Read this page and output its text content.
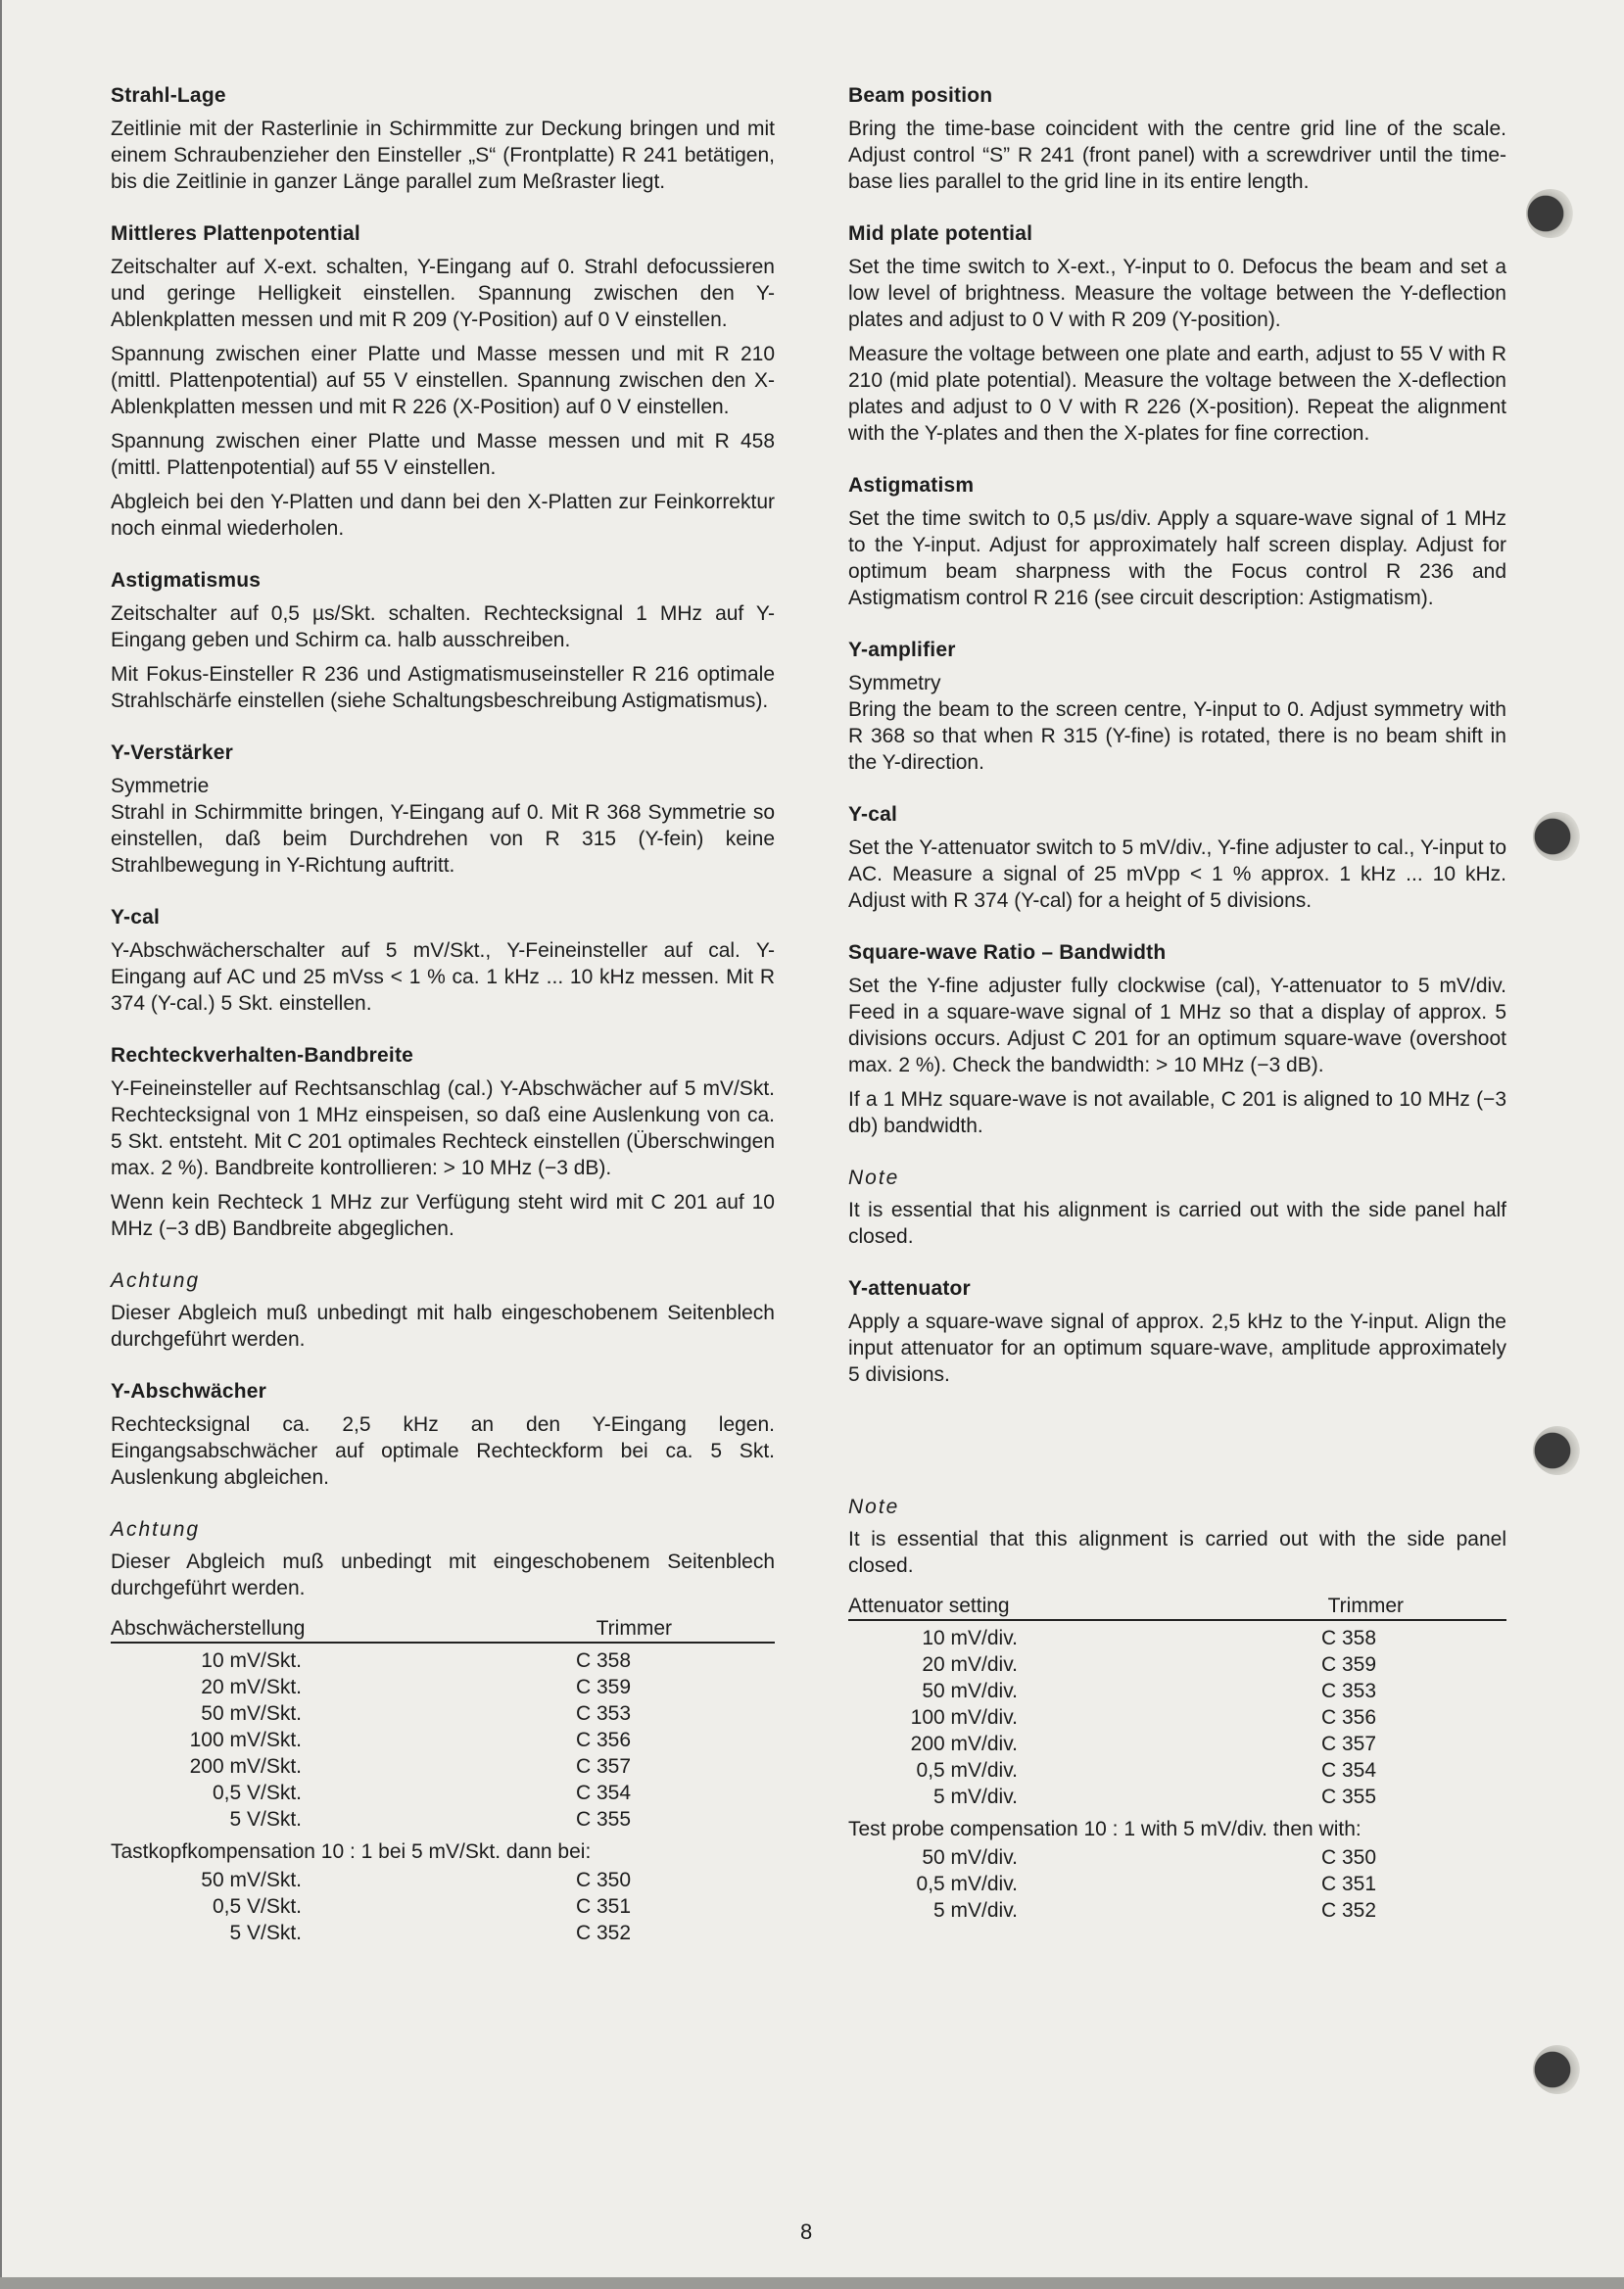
Strahl-Lage

Zeitlinie mit der Rasterlinie in Schirmmitte zur Deckung bringen und mit einem Schraubenzieher den Einsteller „S“ (Frontplatte) R 241 betätigen, bis die Zeitlinie in ganzer Länge parallel zum Meßraster liegt.

Mittleres Plattenpotential

Zeitschalter auf X-ext. schalten, Y-Eingang auf 0. Strahl defocussieren und geringe Helligkeit einstellen. Spannung zwischen den Y-Ablenkplatten messen und mit R 209 (Y-Position) auf 0 V einstellen.

Spannung zwischen einer Platte und Masse messen und mit R 210 (mittl. Plattenpotential) auf 55 V einstellen. Spannung zwischen den X-Ablenkplatten messen und mit R 226 (X-Position) auf 0 V einstellen.

Spannung zwischen einer Platte und Masse messen und mit R 458 (mittl. Plattenpotential) auf 55 V einstellen.

Abgleich bei den Y-Platten und dann bei den X-Platten zur Feinkorrektur noch einmal wiederholen.

Astigmatismus

Zeitschalter auf 0,5 µs/Skt. schalten. Rechtecksignal 1 MHz auf Y-Eingang geben und Schirm ca. halb ausschreiben.

Mit Fokus-Einsteller R 236 und Astigmatismuseinsteller R 216 optimale Strahlschärfe einstellen (siehe Schaltungsbeschreibung Astigmatismus).

Y-Verstärker

Symmetrie

Strahl in Schirmmitte bringen, Y-Eingang auf 0. Mit R 368 Symmetrie so einstellen, daß beim Durchdrehen von R 315 (Y-fein) keine Strahlbewegung in Y-Richtung auftritt.

Y-cal

Y-Abschwächerschalter auf 5 mV/Skt., Y-Feineinsteller auf cal. Y-Eingang auf AC und 25 mVss < 1 % ca. 1 kHz ... 10 kHz messen. Mit R 374 (Y-cal.) 5 Skt. einstellen.

Rechteckverhalten-Bandbreite

Y-Feineinsteller auf Rechtsanschlag (cal.) Y-Abschwächer auf 5 mV/Skt. Rechtecksignal von 1 MHz einspeisen, so daß eine Auslenkung von ca. 5 Skt. entsteht. Mit C 201 optimales Rechteck einstellen (Überschwingen max. 2 %). Bandbreite kontrollieren: > 10 MHz (−3 dB).

Wenn kein Rechteck 1 MHz zur Verfügung steht wird mit C 201 auf 10 MHz (−3 dB) Bandbreite abgeglichen.

Achtung

Dieser Abgleich muß unbedingt mit halb eingeschobenem Seitenblech durchgeführt werden.

Y-Abschwächer

Rechtecksignal ca. 2,5 kHz an den Y-Eingang legen. Eingangsabschwächer auf optimale Rechteckform bei ca. 5 Skt. Auslenkung abgleichen.

Achtung

Dieser Abgleich muß unbedingt mit eingeschobenem Seitenblech durchgeführt werden.

Abschwächerstellung	Trimmer
10 mV/Skt.	C 358
20 mV/Skt.	C 359
50 mV/Skt.	C 353
100 mV/Skt.	C 356
200 mV/Skt.	C 357
0,5 V/Skt.	C 354
5 V/Skt.	C 355
Tastkopfkompensation 10 : 1 bei 5 mV/Skt. dann bei:
50 mV/Skt.	C 350
0,5 V/Skt.	C 351
5 V/Skt.	C 352
Beam position

Bring the time-base coincident with the centre grid line of the scale. Adjust control “S” R 241 (front panel) with a screwdriver until the time-base lies parallel to the grid line in its entire length.

Mid plate potential

Set the time switch to X-ext., Y-input to 0. Defocus the beam and set a low level of brightness. Measure the voltage between the Y-deflection plates and adjust to 0 V with R 209 (Y-position).

Measure the voltage between one plate and earth, adjust to 55 V with R 210 (mid plate potential). Measure the voltage between the X-deflection plates and adjust to 0 V with R 226 (X-position). Repeat the alignment with the Y-plates and then the X-plates for fine correction.

Astigmatism

Set the time switch to 0,5 µs/div. Apply a square-wave signal of 1 MHz to the Y-input. Adjust for approximately half screen display. Adjust for optimum beam sharpness with the Focus control R 236 and Astigmatism control R 216 (see circuit description: Astigmatism).

Y-amplifier

Symmetry

Bring the beam to the screen centre, Y-input to 0. Adjust symmetry with R 368 so that when R 315 (Y-fine) is rotated, there is no beam shift in the Y-direction.

Y-cal

Set the Y-attenuator switch to 5 mV/div., Y-fine adjuster to cal., Y-input to AC. Measure a signal of 25 mVpp < 1 % approx. 1 kHz ... 10 kHz. Adjust with R 374 (Y-cal) for a height of 5 divisions.

Square-wave Ratio – Bandwidth

Set the Y-fine adjuster fully clockwise (cal), Y-attenuator to 5 mV/div. Feed in a square-wave signal of 1 MHz so that a display of approx. 5 divisions occurs. Adjust C 201 for an optimum square-wave (overshoot max. 2 %). Check the bandwidth: > 10 MHz (−3 dB).

If a 1 MHz square-wave is not available, C 201 is aligned to 10 MHz (−3 db) bandwidth.

Note

It is essential that his alignment is carried out with the side panel half closed.

Y-attenuator

Apply a square-wave signal of approx. 2,5 kHz to the Y-input. Align the input attenuator for an optimum square-wave, amplitude approximately 5 divisions.

Note

It is essential that this alignment is carried out with the side panel closed.

Attenuator setting	Trimmer
10 mV/div.	C 358
20 mV/div.	C 359
50 mV/div.	C 353
100 mV/div.	C 356
200 mV/div.	C 357
0,5 mV/div.	C 354
5 mV/div.	C 355
Test probe compensation 10 : 1 with 5 mV/div. then with:
50 mV/div.	C 350
0,5 mV/div.	C 351
5 mV/div.	C 352
8
